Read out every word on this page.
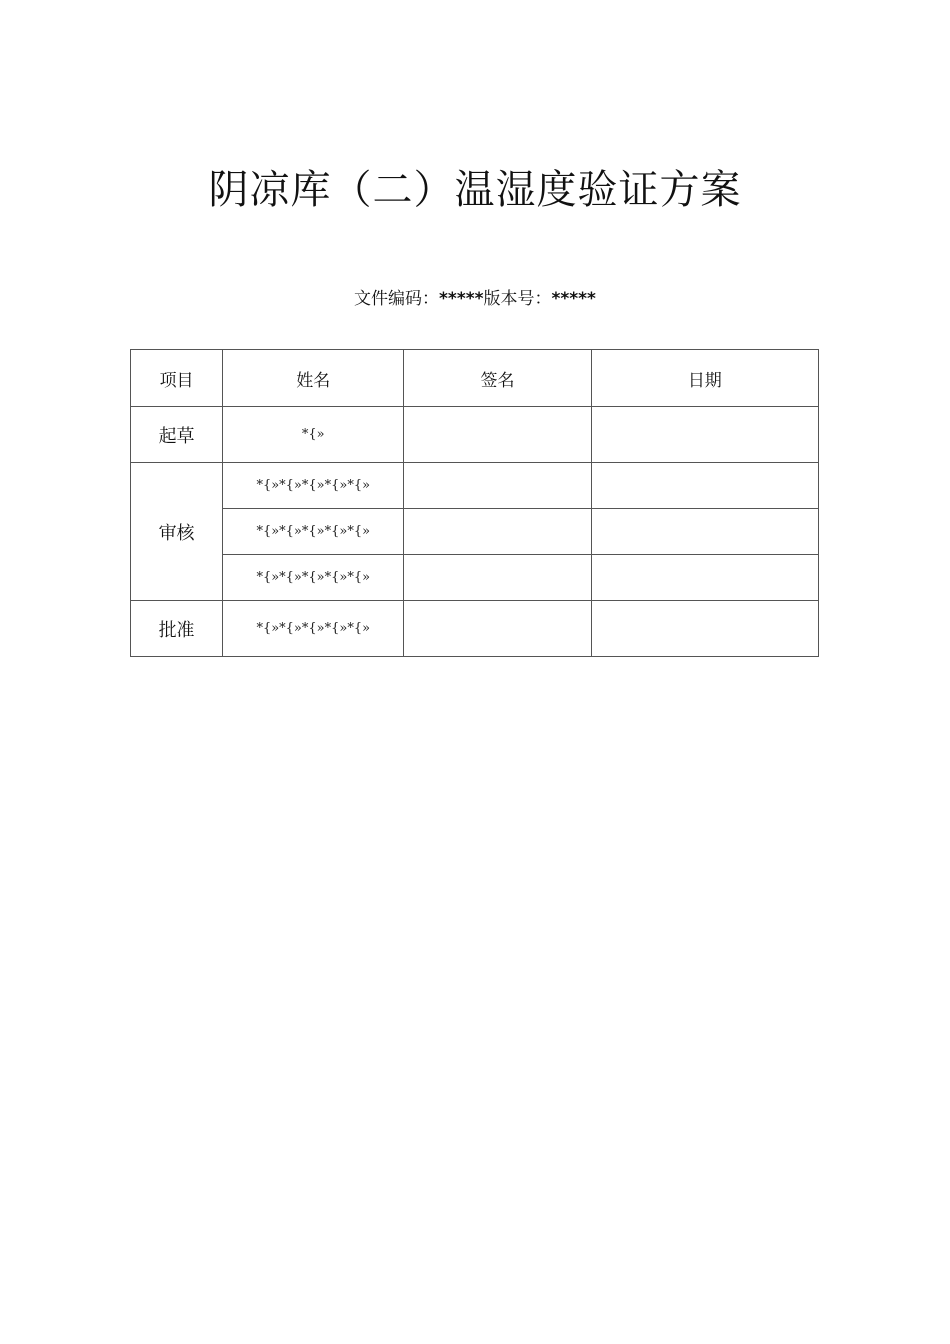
阴凉库（二）温湿度验证方案
文件编码：*****版本号：*****
项目	姓名	签名	日期
起草	*{»		
审核	*{»*{»*{»*{»*{»		
	*{»*{»*{»*{»*{»		
	*{»*{»*{»*{»*{»		
批准	*{»*{»*{»*{»*{»		
